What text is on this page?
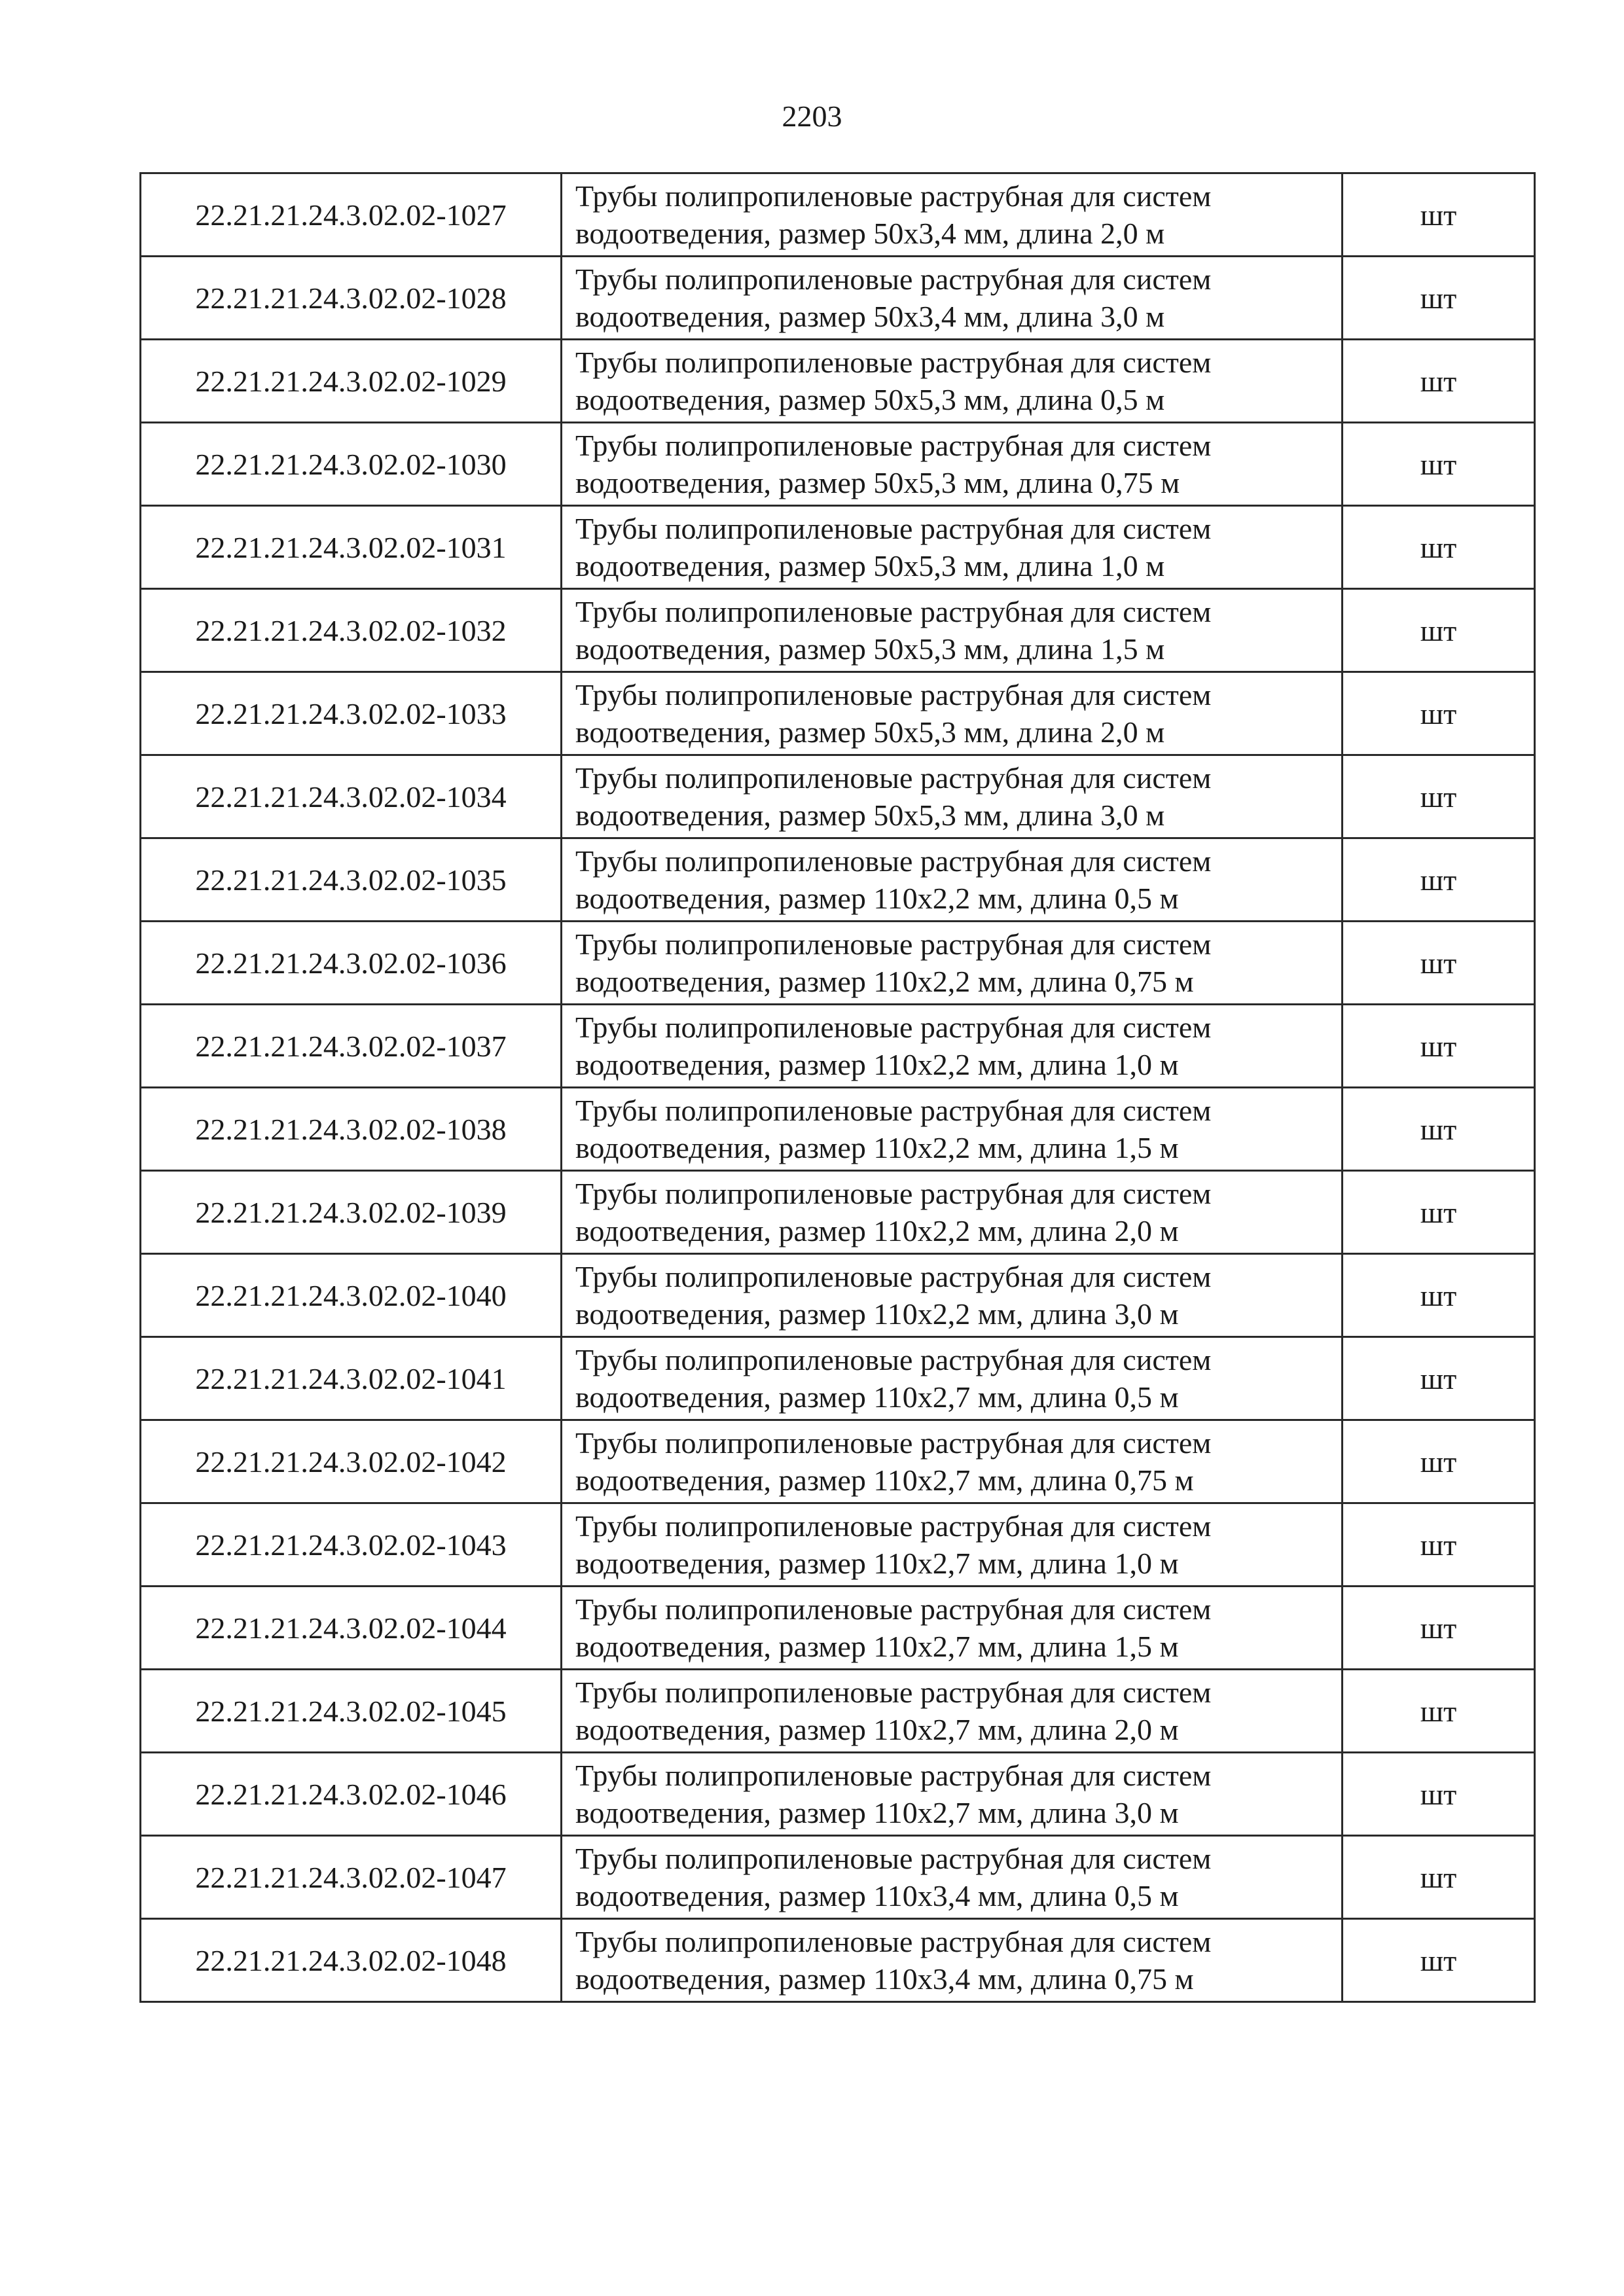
2203
22.21.21.24.3.02.02-1027	Трубы полипропиленовые раструбная для систем
водоотведения, размер 50х3,4 мм, длина 2,0 м	шт
22.21.21.24.3.02.02-1028	Трубы полипропиленовые раструбная для систем
водоотведения, размер 50х3,4 мм, длина 3,0 м	шт
22.21.21.24.3.02.02-1029	Трубы полипропиленовые раструбная для систем
водоотведения, размер 50х5,3 мм, длина 0,5 м	шт
22.21.21.24.3.02.02-1030	Трубы полипропиленовые раструбная для систем
водоотведения, размер 50х5,3 мм, длина 0,75 м	шт
22.21.21.24.3.02.02-1031	Трубы полипропиленовые раструбная для систем
водоотведения, размер 50х5,3 мм, длина 1,0 м	шт
22.21.21.24.3.02.02-1032	Трубы полипропиленовые раструбная для систем
водоотведения, размер 50х5,3 мм, длина 1,5 м	шт
22.21.21.24.3.02.02-1033	Трубы полипропиленовые раструбная для систем
водоотведения, размер 50х5,3 мм, длина 2,0 м	шт
22.21.21.24.3.02.02-1034	Трубы полипропиленовые раструбная для систем
водоотведения, размер 50х5,3 мм, длина 3,0 м	шт
22.21.21.24.3.02.02-1035	Трубы полипропиленовые раструбная для систем
водоотведения, размер 110х2,2 мм, длина 0,5 м	шт
22.21.21.24.3.02.02-1036	Трубы полипропиленовые раструбная для систем
водоотведения, размер 110х2,2 мм, длина 0,75 м	шт
22.21.21.24.3.02.02-1037	Трубы полипропиленовые раструбная для систем
водоотведения, размер 110х2,2 мм, длина 1,0 м	шт
22.21.21.24.3.02.02-1038	Трубы полипропиленовые раструбная для систем
водоотведения, размер 110х2,2 мм, длина 1,5 м	шт
22.21.21.24.3.02.02-1039	Трубы полипропиленовые раструбная для систем
водоотведения, размер 110х2,2 мм, длина 2,0 м	шт
22.21.21.24.3.02.02-1040	Трубы полипропиленовые раструбная для систем
водоотведения, размер 110х2,2 мм, длина 3,0 м	шт
22.21.21.24.3.02.02-1041	Трубы полипропиленовые раструбная для систем
водоотведения, размер 110х2,7 мм, длина 0,5 м	шт
22.21.21.24.3.02.02-1042	Трубы полипропиленовые раструбная для систем
водоотведения, размер 110х2,7 мм, длина 0,75 м	шт
22.21.21.24.3.02.02-1043	Трубы полипропиленовые раструбная для систем
водоотведения, размер 110х2,7 мм, длина 1,0 м	шт
22.21.21.24.3.02.02-1044	Трубы полипропиленовые раструбная для систем
водоотведения, размер 110х2,7 мм, длина 1,5 м	шт
22.21.21.24.3.02.02-1045	Трубы полипропиленовые раструбная для систем
водоотведения, размер 110х2,7 мм, длина 2,0 м	шт
22.21.21.24.3.02.02-1046	Трубы полипропиленовые раструбная для систем
водоотведения, размер 110х2,7 мм, длина 3,0 м	шт
22.21.21.24.3.02.02-1047	Трубы полипропиленовые раструбная для систем
водоотведения, размер 110х3,4 мм, длина 0,5 м	шт
22.21.21.24.3.02.02-1048	Трубы полипропиленовые раструбная для систем
водоотведения, размер 110х3,4 мм, длина 0,75 м	шт
